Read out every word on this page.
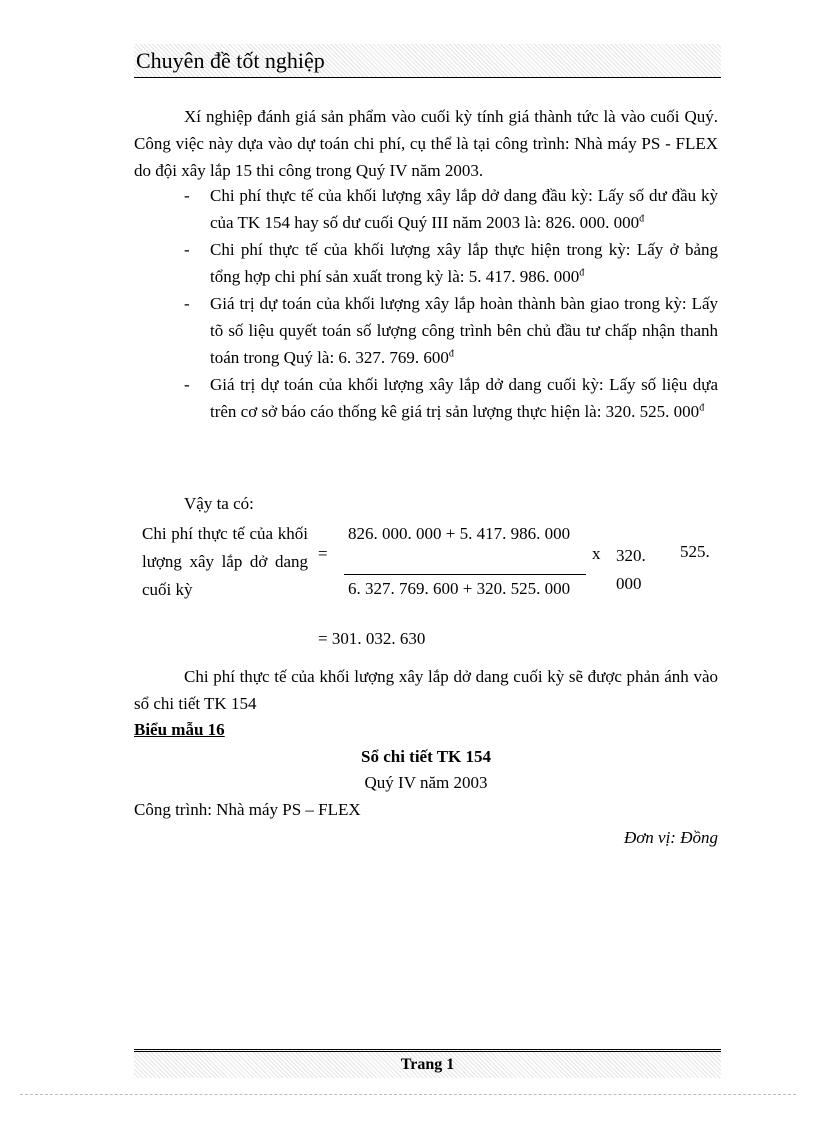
Chuyên đề tốt nghiệp
Xí nghiệp đánh giá sản phẩm vào cuối kỳ tính giá thành tức là vào cuối Quý. Công việc này dựa vào dự toán chi phí, cụ thể là tại công trình: Nhà máy PS - FLEX do đội xây lắp 15 thi công trong Quý IV năm 2003.
- Chi phí thực tế của khối lượng xây lắp dở dang đầu kỳ: Lấy số dư đầu kỳ của TK 154 hay số dư cuối Quý III năm 2003 là: 826. 000. $000^đ$
- Chi phí thực tế của khối lượng xây lắp thực hiện trong kỳ: Lấy ở bảng tổng hợp chi phí sản xuất trong kỳ là: 5. 417. 986. $000^đ$
- Giá trị dự toán của khối lượng xây lắp hoàn thành bàn giao trong kỳ: Lấy tõ số liệu quyết toán số lượng công trình bên chủ đầu tư chấp nhận thanh toán trong Quý là: 6. 327. 769. $600^đ$
- Giá trị dự toán của khối lượng xây lắp dở dang cuối kỳ: Lấy số liệu dựa trên cơ sở báo cáo thống kê giá trị sản lượng thực hiện là: 320. 525. $000^đ$
Vậy ta có:
Chi phí thực tế của khối lượng xây lắp dở dang cuối kỳ
=
826. 000. 000 + 5. 417. 986. 000
6. 327. 769. 600 + 320. 525. 000
x 320. 000
525.
= 301. 032. 630
Chi phí thực tế của khối lượng xây lắp dở dang cuối kỳ sẽ được phản ánh vào sổ chi tiết TK 154
Biểu mẫu 16
Sổ chi tiết TK 154
Quý IV năm 2003
Công trình: Nhà máy PS – FLEX
Đơn vị: Đồng
Trang 1
